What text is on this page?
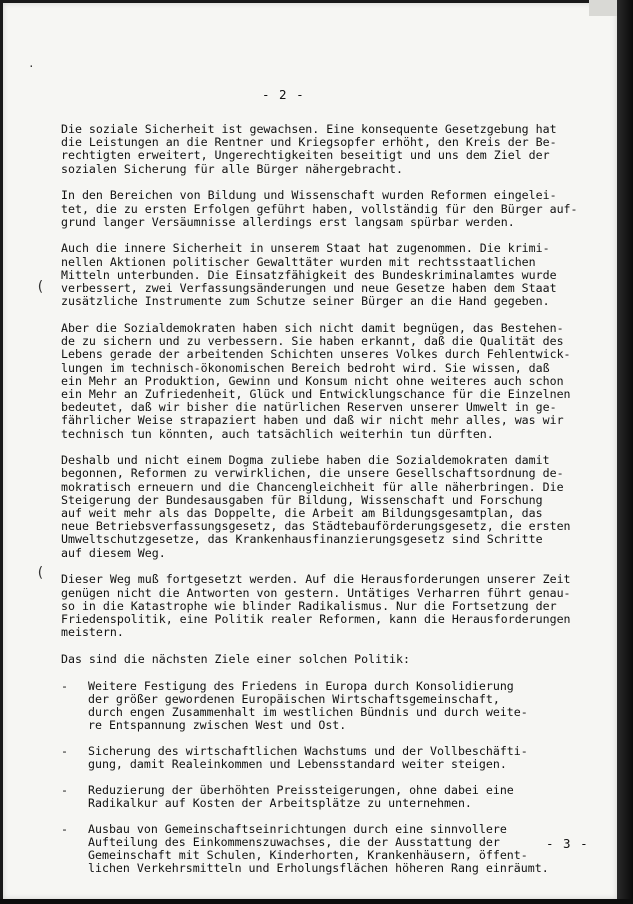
·
(
(
- 2 -
Die soziale Sicherheit ist gewachsen. Eine konsequente Gesetzgebung hat
die Leistungen an die Rentner und Kriegsopfer erhöht, den Kreis der Be-
rechtigten erweitert, Ungerechtigkeiten beseitigt und uns dem Ziel der
sozialen Sicherung für alle Bürger nähergebracht.
In den Bereichen von Bildung und Wissenschaft wurden Reformen eingelei-
tet, die zu ersten Erfolgen geführt haben, vollständig für den Bürger auf-
grund langer Versäumnisse allerdings erst langsam spürbar werden.
Auch die innere Sicherheit in unserem Staat hat zugenommen. Die krimi-
nellen Aktionen politischer Gewalttäter wurden mit rechtsstaatlichen
Mitteln unterbunden. Die Einsatzfähigkeit des Bundeskriminalamtes wurde
verbessert, zwei Verfassungsänderungen und neue Gesetze haben dem Staat
zusätzliche Instrumente zum Schutze seiner Bürger an die Hand gegeben.
Aber die Sozialdemokraten haben sich nicht damit begnügen, das Bestehen-
de zu sichern und zu verbessern. Sie haben erkannt, daß die Qualität des
Lebens gerade der arbeitenden Schichten unseres Volkes durch Fehlentwick-
lungen im technisch-ökonomischen Bereich bedroht wird. Sie wissen, daß
ein Mehr an Produktion, Gewinn und Konsum nicht ohne weiteres auch schon
ein Mehr an Zufriedenheit, Glück und Entwicklungschance für die Einzelnen
bedeutet, daß wir bisher die natürlichen Reserven unserer Umwelt in ge-
fährlicher Weise strapaziert haben und daß wir nicht mehr alles, was wir
technisch tun könnten, auch tatsächlich weiterhin tun dürften.
Deshalb und nicht einem Dogma zuliebe haben die Sozialdemokraten damit
begonnen, Reformen zu verwirklichen, die unsere Gesellschaftsordnung de-
mokratisch erneuern und die Chancengleichheit für alle näherbringen. Die
Steigerung der Bundesausgaben für Bildung, Wissenschaft und Forschung
auf weit mehr als das Doppelte, die Arbeit am Bildungsgesamtplan, das
neue Betriebsverfassungsgesetz, das Städtebauförderungsgesetz, die ersten
Umweltschutzgesetze, das Krankenhausfinanzierungsgesetz sind Schritte
auf diesem Weg.
Dieser Weg muß fortgesetzt werden. Auf die Herausforderungen unserer Zeit
genügen nicht die Antworten von gestern. Untätiges Verharren führt genau-
so in die Katastrophe wie blinder Radikalismus. Nur die Fortsetzung der
Friedenspolitik, eine Politik realer Reformen, kann die Herausforderungen
meistern.
Das sind die nächsten Ziele einer solchen Politik:
- Weitere Festigung des Friedens in Europa durch Konsolidierung
der größer gewordenen Europäischen Wirtschaftsgemeinschaft,
durch engen Zusammenhalt im westlichen Bündnis und durch weite-
re Entspannung zwischen West und Ost.
- Sicherung des wirtschaftlichen Wachstums und der Vollbeschäfti-
gung, damit Realeinkommen und Lebensstandard weiter steigen.
- Reduzierung der überhöhten Preissteigerungen, ohne dabei eine
Radikalkur auf Kosten der Arbeitsplätze zu unternehmen.
- Ausbau von Gemeinschaftseinrichtungen durch eine sinnvollere
Aufteilung des Einkommenszuwachses, die der Ausstattung der
Gemeinschaft mit Schulen, Kinderhorten, Krankenhäusern, öffent-
lichen Verkehrsmitteln und Erholungsflächen höheren Rang einräumt.
- 3 -
